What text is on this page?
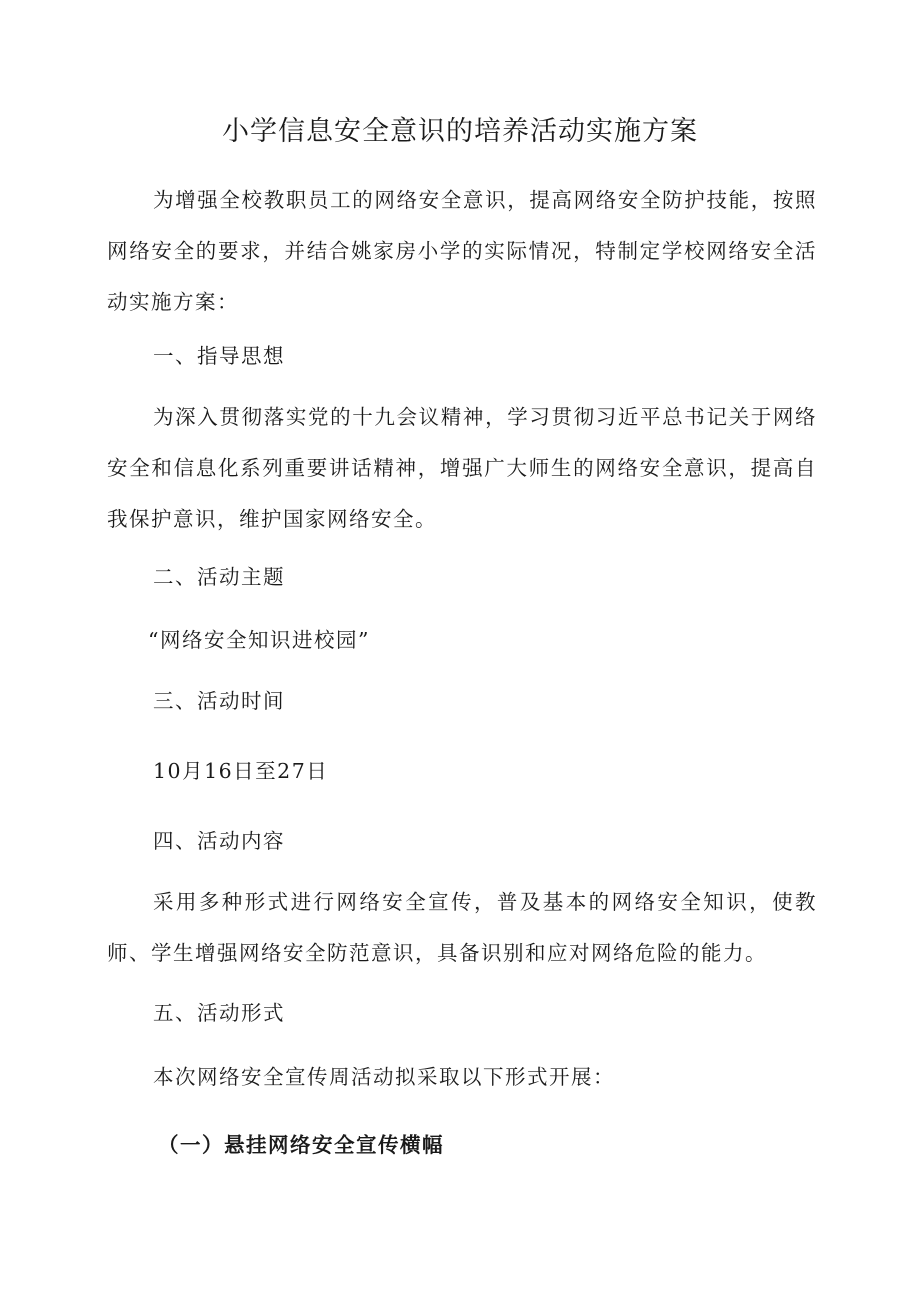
小学信息安全意识的培养活动实施方案

为增强全校教职员工的网络安全意识，提高网络安全防护技能，按照网络安全的要求，并结合姚家房小学的实际情况，特制定学校网络安全活动实施方案：

一、指导思想

为深入贯彻落实党的十九会议精神，学习贯彻习近平总书记关于网络安全和信息化系列重要讲话精神，增强广大师生的网络安全意识，提高自我保护意识，维护国家网络安全。

二、活动主题

“网络安全知识进校园”

三、活动时间

10月16日至27日

四、活动内容

采用多种形式进行网络安全宣传，普及基本的网络安全知识，使教师、学生增强网络安全防范意识，具备识别和应对网络危险的能力。

五、活动形式

本次网络安全宣传周活动拟采取以下形式开展：

（一）悬挂网络安全宣传横幅
